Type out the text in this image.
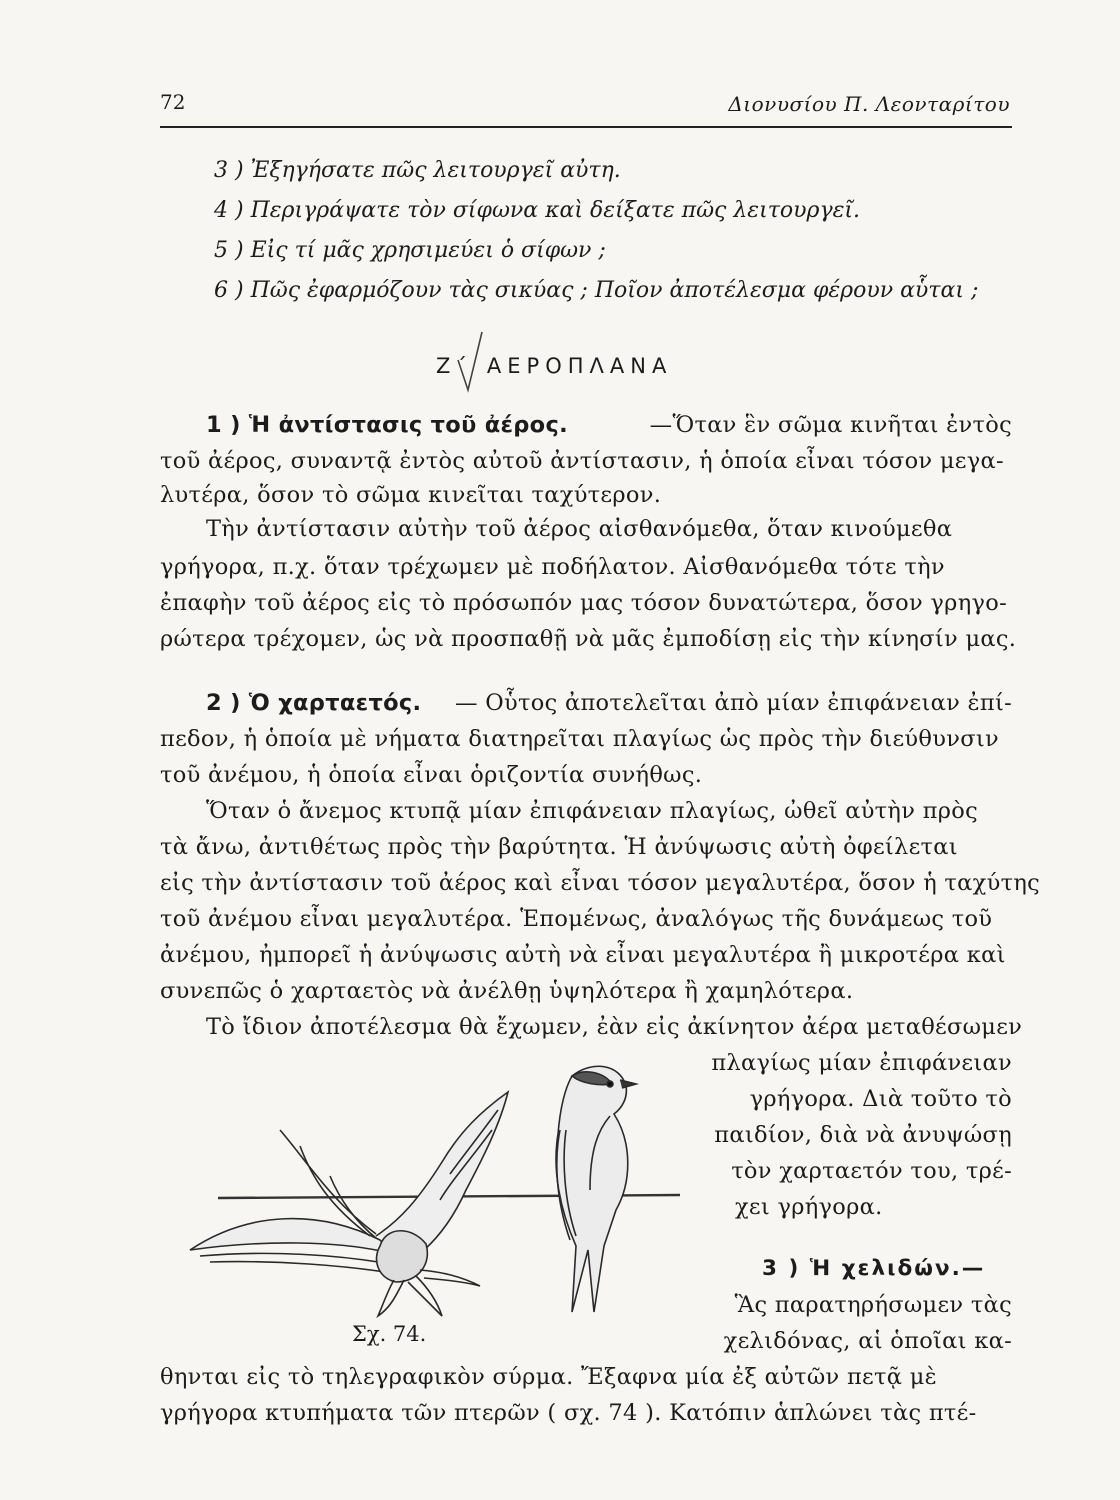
72	Διονυσίου Π. Λεονταρίτου
3 ) Ἐξηγήσατε πῶς λειτουργεῖ αὐτη.
4 ) Περιγράψατε τὸν σίφωνα καὶ δείξατε πῶς λειτουργεῖ.
5 ) Εἰς τί μᾶς χρησιμεύει ὁ σίφων ;
6 ) Πῶς ἐφαρμόζουν τὰς σικύας ; Ποῖον ἀποτέλεσμα φέρουν αὗται ;
Ζ΄ ΑΕΡΟΠΛΑΝΑ
1 ) Ἡ ἀντίστασις τοῦ ἀέρος.	—Ὅταν ἓν σῶμα κινῆται ἐντὸς
τοῦ ἀέρος, συναντᾷ ἐντὸς αὐτοῦ ἀντίστασιν, ἡ ὁποία εἶναι τόσον μεγα-
λυτέρα, ὅσον τὸ σῶμα κινεῖται ταχύτερον.
Τὴν ἀντίστασιν αὐτὴν τοῦ ἀέρος αἰσθανόμεθα, ὅταν κινούμεθα
γρήγορα, π.χ. ὅταν τρέχωμεν μὲ ποδήλατον. Αἰσθανόμεθα τότε τὴν
ἐπαφὴν τοῦ ἀέρος εἰς τὸ πρόσωπόν μας τόσον δυνατώτερα, ὅσον γρηγο-
ρώτερα τρέχομεν, ὡς νὰ προσπαθῇ νὰ μᾶς ἐμποδίσῃ εἰς τὴν κίνησίν μας.
2 ) Ὁ χαρταετός. — Οὗτος ἀποτελεῖται ἀπὸ μίαν ἐπιφάνειαν ἐπί-
πεδον, ἡ ὁποία μὲ νήματα διατηρεῖται πλαγίως ὡς πρὸς τὴν διεύθυνσιν
τοῦ ἀνέμου, ἡ ὁποία εἶναι ὁριζοντία συνήθως.
Ὅταν ὁ ἄνεμος κτυπᾷ μίαν ἐπιφάνειαν πλαγίως, ὠθεῖ αὐτὴν πρὸς
τὰ ἄνω, ἀντιθέτως πρὸς τὴν βαρύτητα. Ἡ ἀνύψωσις αὐτὴ ὀφείλεται
εἰς τὴν ἀντίστασιν τοῦ ἀέρος καὶ εἶναι τόσον μεγαλυτέρα, ὅσον ἡ ταχύτης
τοῦ ἀνέμου εἶναι μεγαλυτέρα. Ἑπομένως, ἀναλόγως τῆς δυνάμεως τοῦ
ἀνέμου, ἠμπορεῖ ἡ ἀνύψωσις αὐτὴ νὰ εἶναι μεγαλυτέρα ἢ μικροτέρα καὶ
συνεπῶς ὁ χαρταετὸς νὰ ἀνέλθῃ ὑψηλότερα ἢ χαμηλότερα.
Τὸ ἴδιον ἀποτέλεσμα θὰ ἔχωμεν, ἐὰν εἰς ἀκίνητον ἀέρα μεταθέσωμεν
πλαγίως μίαν ἐπιφάνειαν
γρήγορα. Διὰ τοῦτο τὸ
παιδίον, διὰ νὰ ἀνυψώσῃ
τὸν χαρταετόν του, τρέ-
χει γρήγορα.
3 ) Ἡ χελιδών.—
Ἃς παρατηρήσωμεν τὰς
χελιδόνας, αἱ ὁποῖαι κα-
Σχ. 74.
θηνται εἰς τὸ τηλεγραφικὸν σύρμα. Ἔξαφνα μία ἐξ αὐτῶν πετᾷ μὲ
γρήγορα κτυπήματα τῶν πτερῶν ( σχ. 74 ). Κατόπιν ἁπλώνει τὰς πτέ-
